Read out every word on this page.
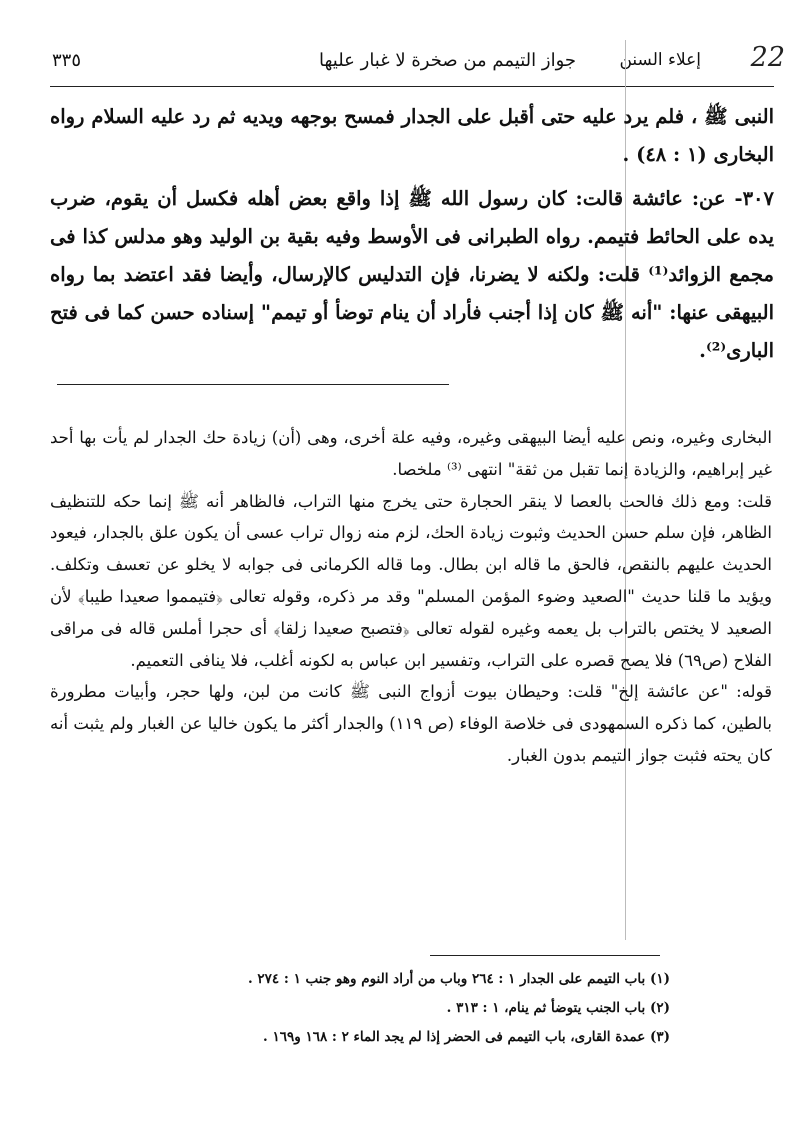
22
إعلاء السنن
جواز التيمم من صخرة لا غبار عليها
٣٣٥

النبى ﷺ ، فلم يرد عليه حتى أقبل على الجدار فمسح بوجهه ويديه ثم رد عليه السلام رواه البخارى (١ : ٤٨) .

٣٠٧- عن: عائشة قالت: كان رسول الله ﷺ إذا واقع بعض أهله فكسل أن يقوم، ضرب يده على الحائط فتيمم. رواه الطبرانى فى الأوسط وفيه بقية بن الوليد وهو مدلس كذا فى مجمع الزوائد⁽¹⁾ قلت: ولكنه لا يضرنا، فإن التدليس كالإرسال، وأيضا فقد اعتضد بما رواه البيهقى عنها: "أنه ﷺ كان إذا أجنب فأراد أن ينام توضأ أو تيمم" إسناده حسن كما فى فتح البارى⁽²⁾.

البخارى وغيره، ونص عليه أيضا البيهقى وغيره، وفيه علة أخرى، وهى (أن) زيادة حك الجدار لم يأت بها أحد غير إبراهيم، والزيادة إنما تقبل من ثقة" انتهى ⁽³⁾ ملخصا.

قلت: ومع ذلك فالحت بالعصا لا ينقر الحجارة حتى يخرج منها التراب، فالظاهر أنه ﷺ إنما حكه للتنظيف الظاهر، فإن سلم حسن الحديث وثبوت زيادة الحك، لزم منه زوال تراب عسى أن يكون علق بالجدار، فيعود الحديث عليهم بالنقص، فالحق ما قاله ابن بطال. وما قاله الكرمانى فى جوابه لا يخلو عن تعسف وتكلف. ويؤيد ما قلنا حديث "الصعيد وضوء المؤمن المسلم" وقد مر ذكره، وقوله تعالى ﴿فتيمموا صعيدا طيبا﴾ لأن الصعيد لا يختص بالتراب بل يعمه وغيره لقوله تعالى ﴿فتصبح صعيدا زلقا﴾ أى حجرا أملس قاله فى مراقى الفلاح (ص٦٩) فلا يصح قصره على التراب، وتفسير ابن عباس به لكونه أغلب، فلا ينافى التعميم.

قوله: "عن عائشة إلخ" قلت: وحيطان بيوت أزواج النبى ﷺ كانت من لبن، ولها حجر، وأبيات مطرورة بالطين، كما ذكره السمهودى فى خلاصة الوفاء (ص ١١٩) والجدار أكثر ما يكون خاليا عن الغبار ولم يثبت أنه كان يحته فثبت جواز التيمم بدون الغبار.

(١) باب التيمم على الجدار ١ : ٢٦٤ وباب من أراد النوم وهو جنب ١ : ٢٧٤ .
(٢) باب الجنب يتوضأ ثم ينام، ١ : ٣١٣ .
(٣) عمدة القارى، باب التيمم فى الحضر إذا لم يجد الماء ٢ : ١٦٨ و١٦٩ .
